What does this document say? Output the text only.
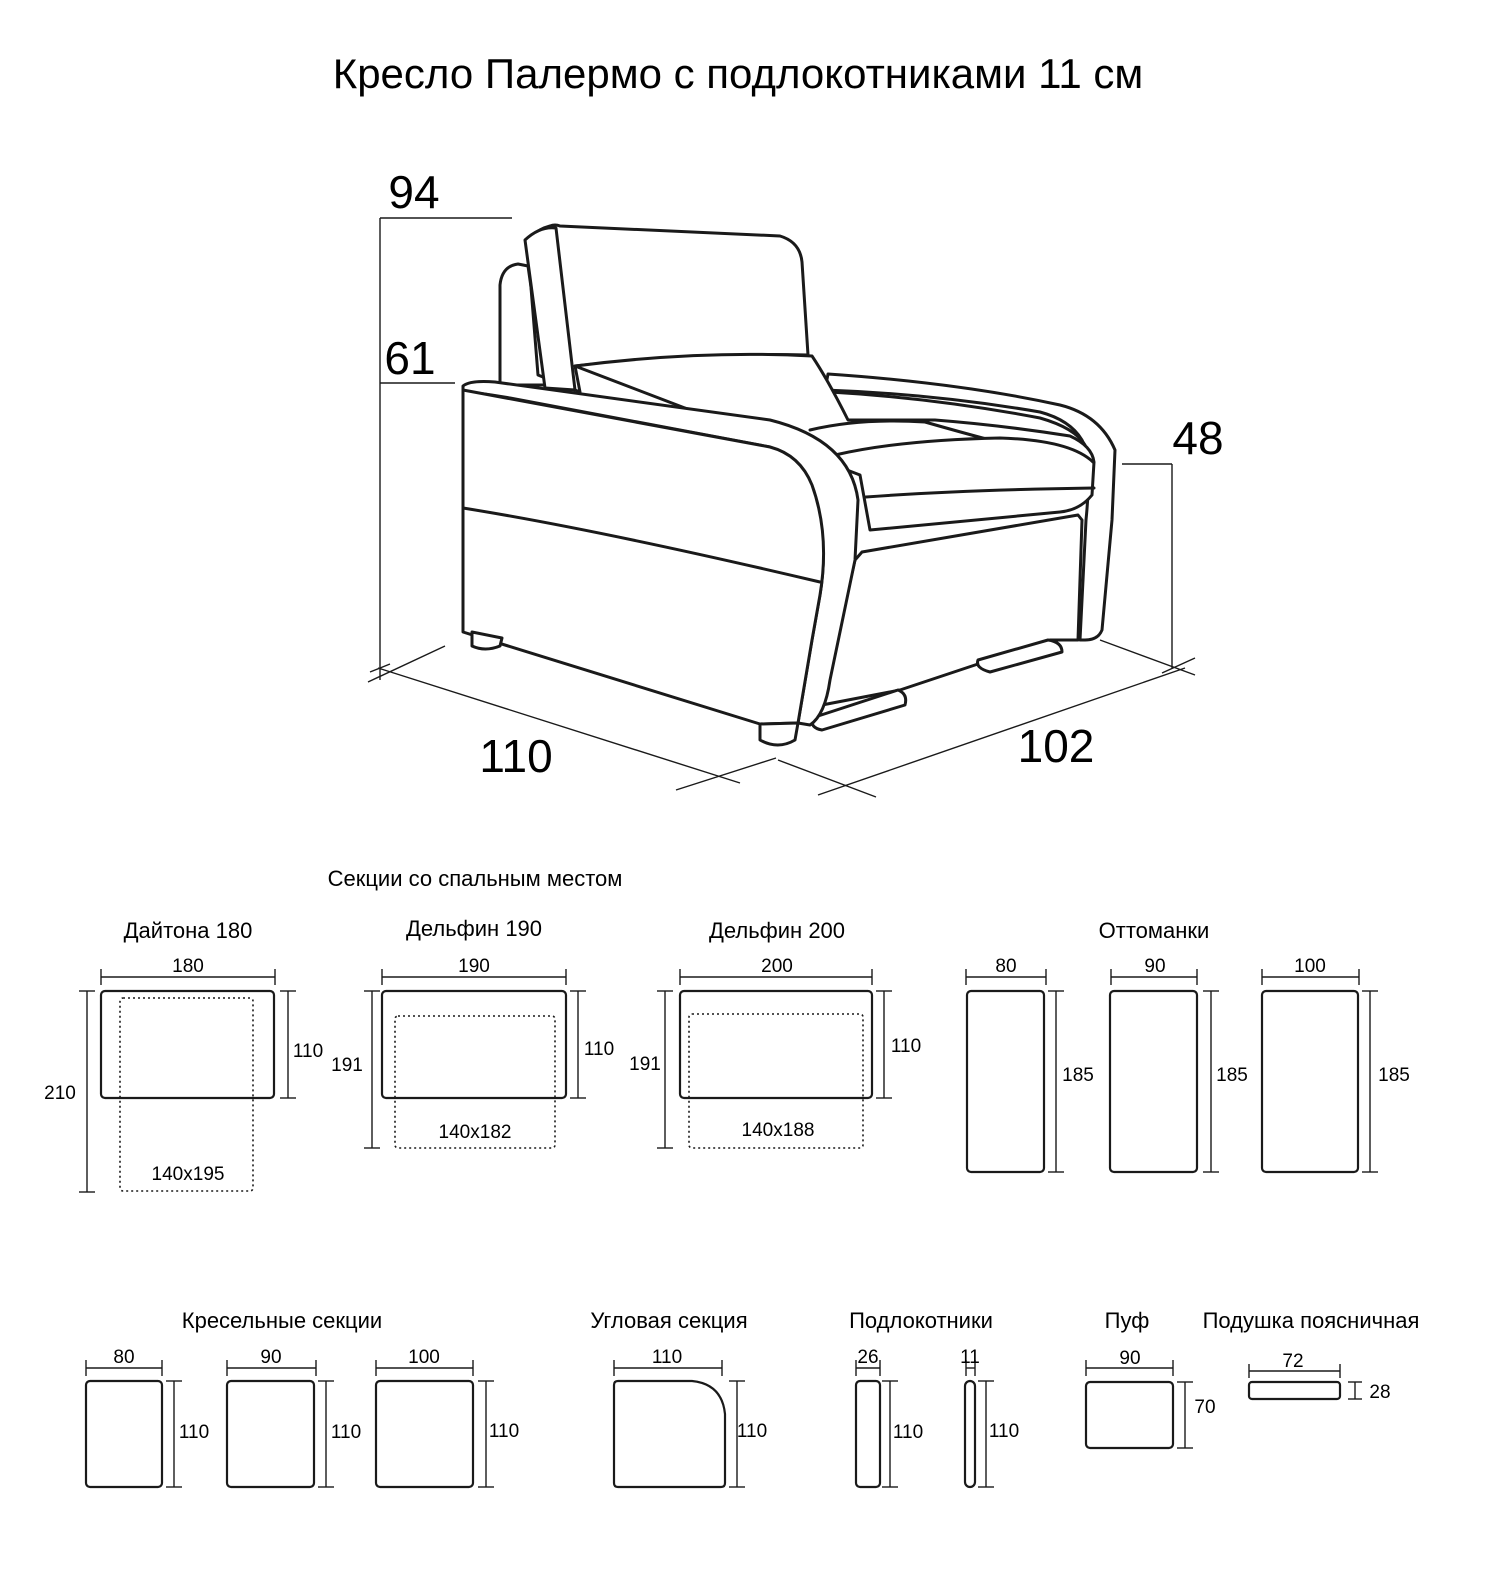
Кресло Палермо с подлокотниками 11 см
94
61
48
110	102
Секции со спальным местом
Дайтона 180
180
110
210
140x195
Дельфин 190
190
110
191
140x182
Дельфин 200
200
110
191
140x188
Оттоманки
80
185
90
185
100
185
Кресельные секции
80
110
90
110
100
110
Угловая секция
110
110
Подлокотники
26
110
11
110
Пуф
90
70
Подушка поясничная
72
28
